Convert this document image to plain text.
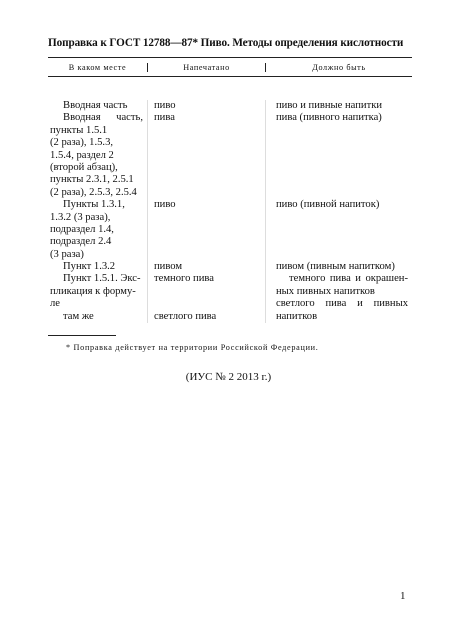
Поправка к ГОСТ 12788—87* Пиво. Методы определения кислотности
В каком месте	Напечатано	Должно быть
Вводная часть
Вводная часть,
пункты 1.5.1
(2 раза), 1.5.3,
1.5.4, раздел 2
(второй абзац),
пункты 2.3.1, 2.5.1
(2 раза), 2.5.3, 2.5.4
Пункты 1.3.1,
1.3.2 (3 раза),
подраздел 1.4,
подраздел 2.4
(3 раза)
Пункт 1.3.2
Пункт 1.5.1. Экс-
пликация к форму-
ле
там же
пиво
пива
пиво
пивом
темного пива
светлого пива
пиво и пивные напитки
пива (пивного напитка)
пиво (пивной напиток)
пивом (пивным напитком)
темного пива и окрашен-
ных пивных напитков
светлого пива и пивных
напитков
* Поправка действует на территории Российской Федерации.
(ИУС № 2 2013 г.)
1
